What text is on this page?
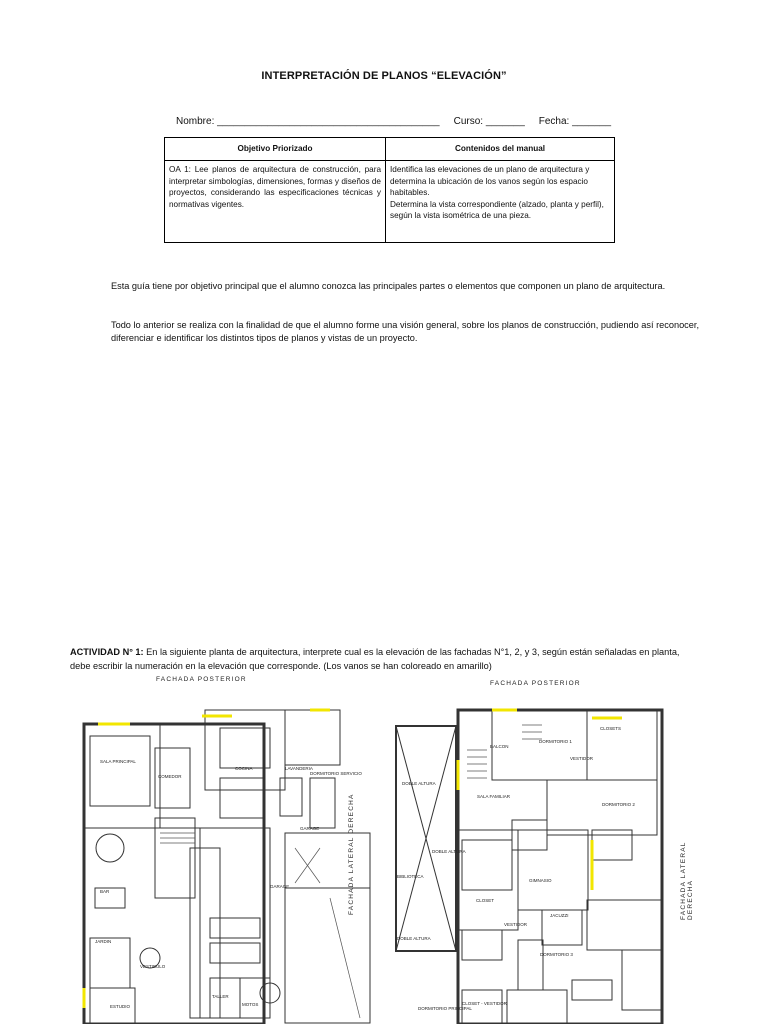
INTERPRETACIÓN DE PLANOS “ELEVACIÓN”
Nombre: ________________________________________ Curso: _______ Fecha: _______
Objetivo Priorizado	Contenidos del manual
OA 1: Lee planos de arquitectura de construcción, para interpretar simbologías, dimensiones, formas y diseños de proyectos, considerando las especificaciones técnicas y normativas vigentes.	Identifica las elevaciones de un plano de arquitectura y determina la ubicación de los vanos según los espacio habitables.
Determina la vista correspondiente (alzado, planta y perfil), según la vista isométrica de una pieza.
Esta guía tiene por objetivo principal que el alumno conozca las principales partes o elementos que componen un plano de arquitectura.
Todo lo anterior se realiza con la finalidad de que el alumno forme una visión general, sobre los planos de construcción, pudiendo así reconocer, diferenciar e identificar los distintos tipos de planos y vistas de un proyecto.
ACTIVIDAD N° 1: En la siguiente planta de arquitectura, interprete cual es la elevación de las fachadas N°1, 2, y 3, según están señaladas en planta, debe escribir la numeración en la elevación que corresponde. (Los vanos se han coloreado en amarillo)
FACHADA POSTERIOR
FACHADA POSTERIOR
COCINA	LAVANDERIA
SALA PRINCIPAL
COMEDOR
DORMITORIO SERVICIO
GARAGE
GARAGE
BAR
JARDIN
VESTIBULO
ESTUDIO
TALLER
MOTOS
FACHADA LATERAL DERECHA
DOBLE ALTURA
BALCON
DORMITORIO 1
CLOSETS
VESTIDOR
SALA FAMILIAR
DORMITORIO 2
BIBLIOTECA
DOBLE ALTURA
GIMNASIO
CLOSET
VESTIDOR
DOBLE ALTURA
DORMITORIO 3
DORMITORIO PRINCIPAL
CLOSET - VESTIDOR
JACUZZI	FACHADA LATERAL DERECHA
